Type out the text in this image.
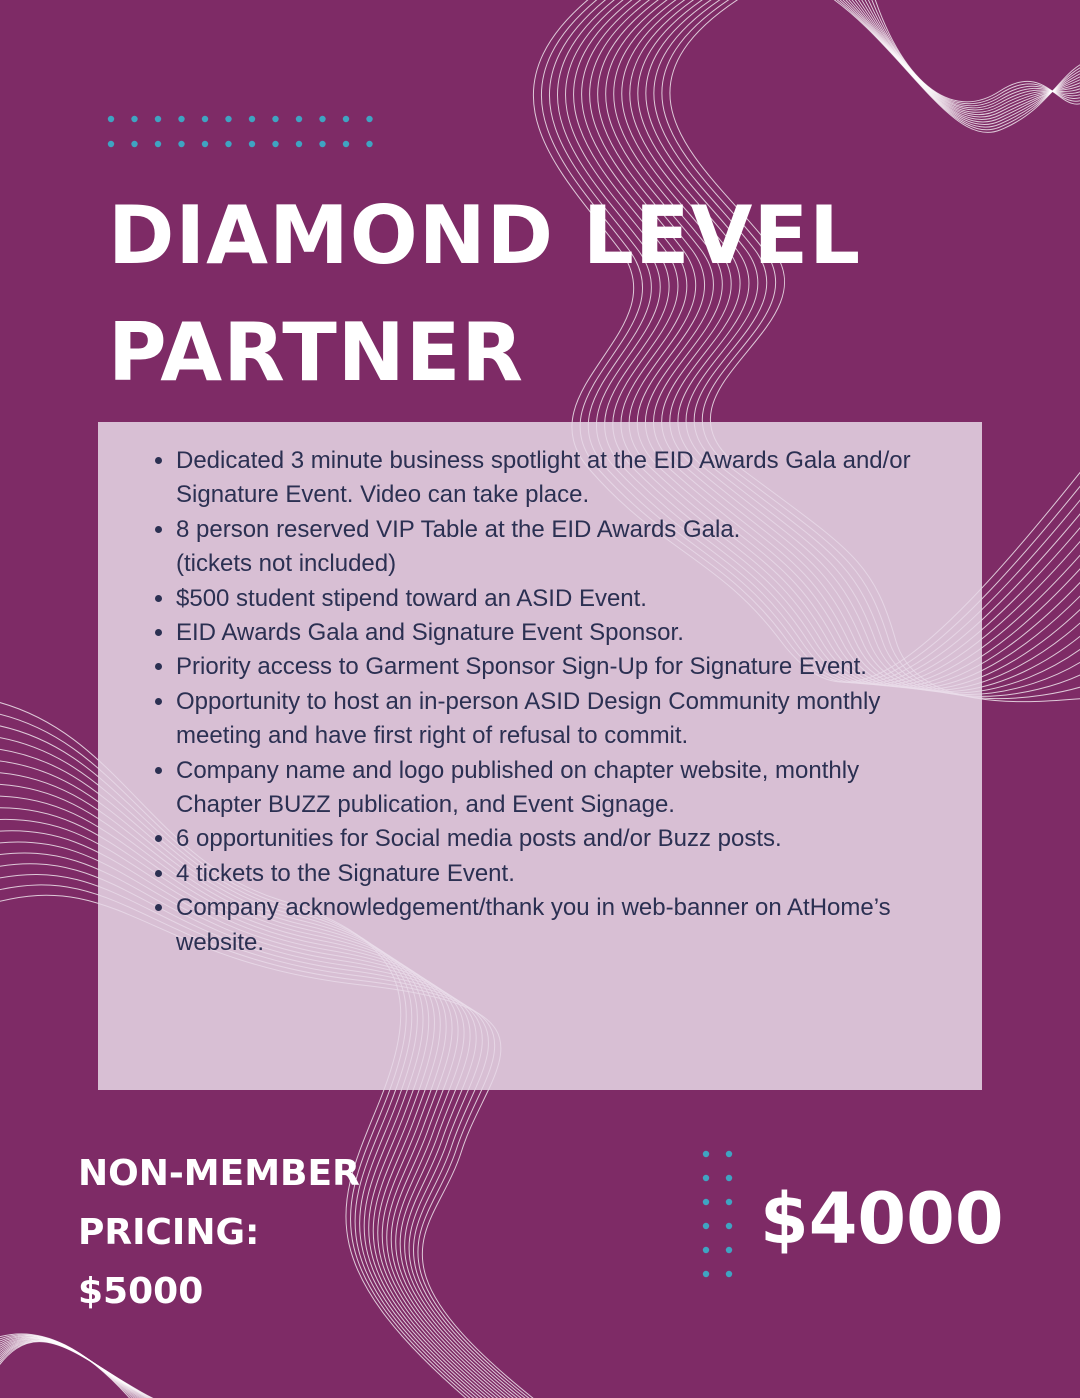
DIAMOND LEVEL
PARTNER
• Dedicated 3 minute business spotlight at the EID Awards Gala and/or
Signature Event. Video can take place.
• 8 person reserved VIP Table at the EID Awards Gala.
(tickets not included)
• $500 student stipend toward an ASID Event.
• EID Awards Gala and Signature Event Sponsor.
• Priority access to Garment Sponsor Sign-Up for Signature Event.
• Opportunity to host an in-person ASID Design Community monthly
meeting and have first right of refusal to commit.
• Company name and logo published on chapter website, monthly
Chapter BUZZ publication, and Event Signage.
• 6 opportunities for Social media posts and/or Buzz posts.
• 4 tickets to the Signature Event.
• Company acknowledgement/thank you in web-banner on AtHome’s
website.
NON-MEMBER
PRICING:
$5000
$4000
